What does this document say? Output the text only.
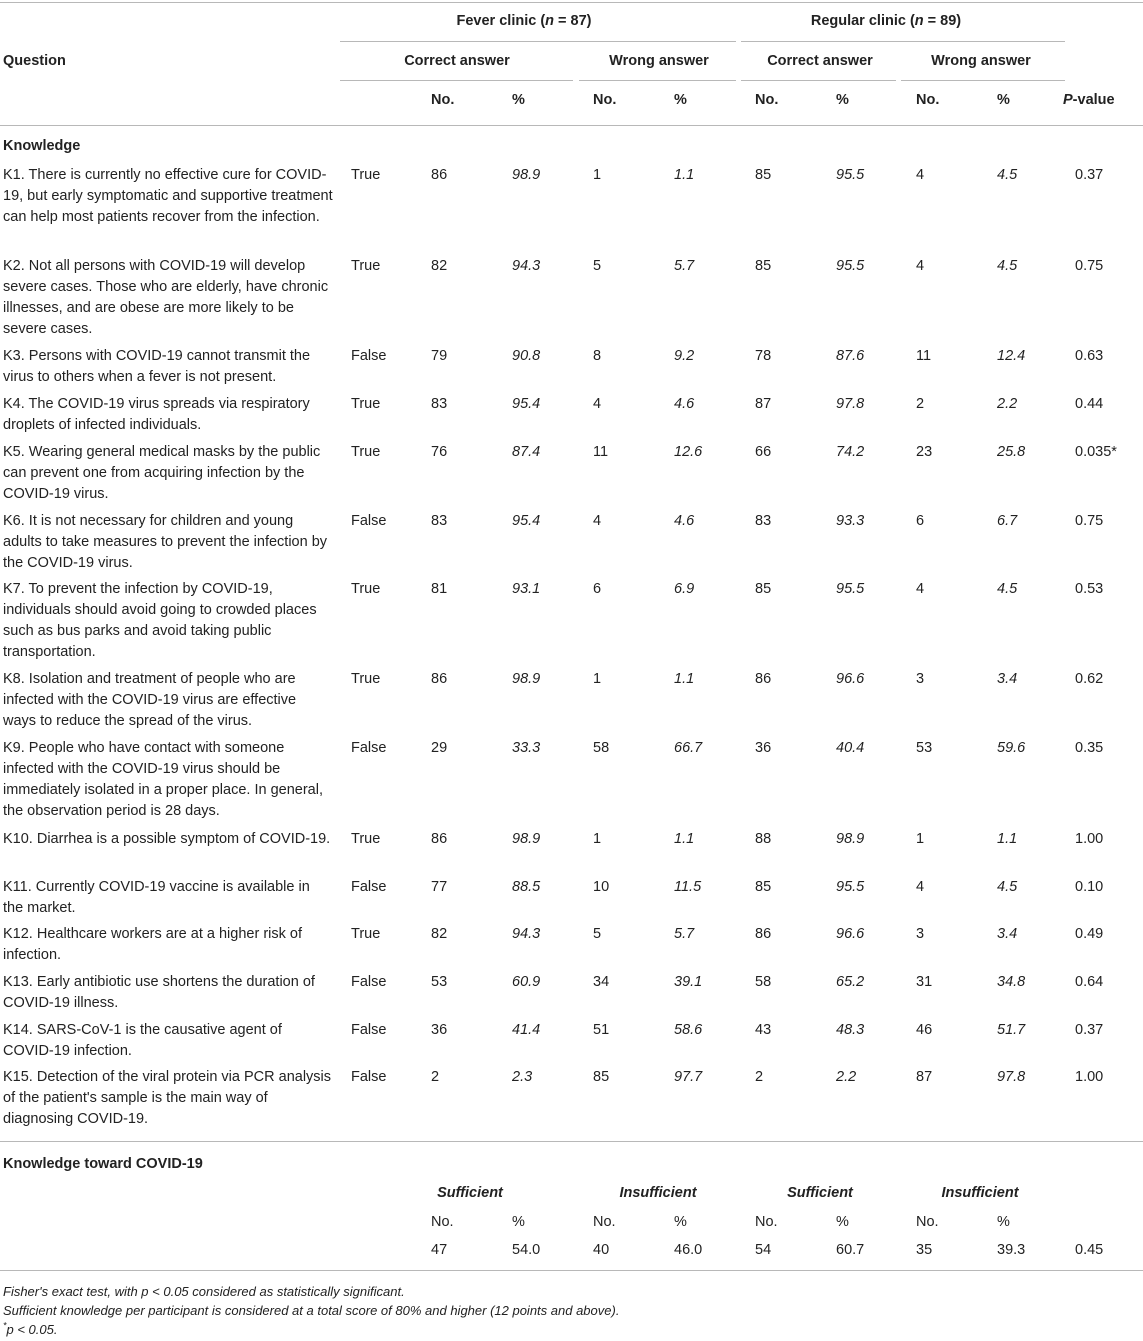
Question
Fever clinic (n = 87)	Regular clinic (n = 89)
Correct answer	Wrong answer	Correct answer	Wrong answer
No.	%	No.	%	No.	%	No.	%	P-value
Knowledge
K1. There is currently no effective cure for COVID-19, but early symptomatic and supportive treatment can help most patients recover from the infection.
True	86	98.9	1	1.1	85	95.5	4	4.5	0.37
K2. Not all persons with COVID-19 will develop severe cases. Those who are elderly, have chronic illnesses, and are obese are more likely to be severe cases.
True	82	94.3	5	5.7	85	95.5	4	4.5	0.75
K3. Persons with COVID-19 cannot transmit the virus to others when a fever is not present.
False	79	90.8	8	9.2	78	87.6	11	12.4	0.63
K4. The COVID-19 virus spreads via respiratory droplets of infected individuals.
True	83	95.4	4	4.6	87	97.8	2	2.2	0.44
K5. Wearing general medical masks by the public can prevent one from acquiring infection by the COVID-19 virus.
True	76	87.4	11	12.6	66	74.2	23	25.8	0.035*
K6. It is not necessary for children and young adults to take measures to prevent the infection by the COVID-19 virus.
False	83	95.4	4	4.6	83	93.3	6	6.7	0.75
K7. To prevent the infection by COVID-19, individuals should avoid going to crowded places such as bus parks and avoid taking public transportation.
True	81	93.1	6	6.9	85	95.5	4	4.5	0.53
K8. Isolation and treatment of people who are infected with the COVID-19 virus are effective ways to reduce the spread of the virus.
True	86	98.9	1	1.1	86	96.6	3	3.4	0.62
K9. People who have contact with someone infected with the COVID-19 virus should be immediately isolated in a proper place. In general, the observation period is 28 days.
False	29	33.3	58	66.7	36	40.4	53	59.6	0.35
K10. Diarrhea is a possible symptom of COVID-19. True	86	98.9	1	1.1	88	98.9	1	1.1	1.00
K11. Currently COVID-19 vaccine is available in the market.
False	77	88.5	10	11.5	85	95.5	4	4.5	0.10
K12. Healthcare workers are at a higher risk of infection.
True	82	94.3	5	5.7	86	96.6	3	3.4	0.49
K13. Early antibiotic use shortens the duration of COVID-19 illness.
False	53	60.9	34	39.1	58	65.2	31	34.8	0.64
K14. SARS-CoV-1 is the causative agent of COVID-19 infection.
False	36	41.4	51	58.6	43	48.3	46	51.7	0.37
K15. Detection of the viral protein via PCR analysis of the patient's sample is the main way of diagnosing COVID-19.
False	2	2.3	85	97.7	2	2.2	87	97.8	1.00
Knowledge toward COVID-19
Sufficient	Insufficient	Sufficient	Insufficient
No.	%	No.	%	No.	%	No.	%
47	54.0	40	46.0	54	60.7	35	39.3	0.45
Fisher's exact test, with p < 0.05 considered as statistically significant.
Sufficient knowledge per participant is considered at a total score of 80% and higher (12 points and above).
*p < 0.05.
